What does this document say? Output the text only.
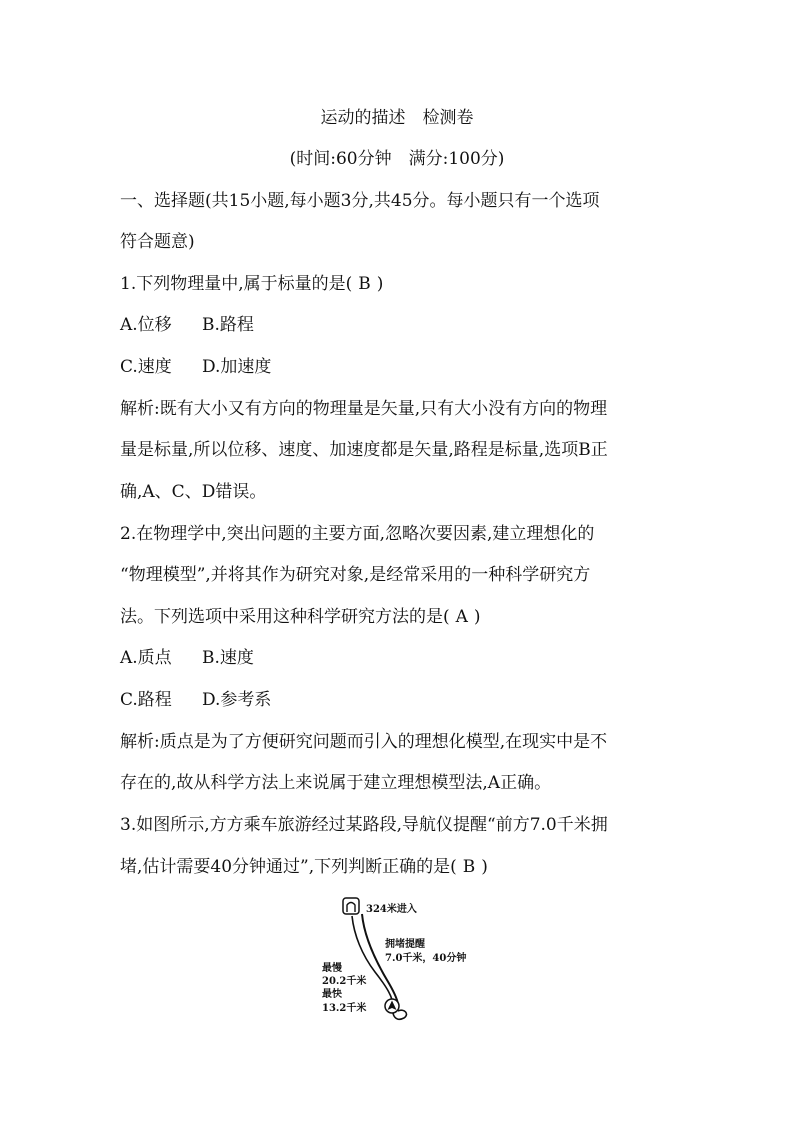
运动的描述　检测卷
(时间:60分钟　满分:100分)
一、选择题(共15小题,每小题3分,共45分。每小题只有一个选项
符合题意)
1.下列物理量中,属于标量的是( B )
A.位移 B.路程
C.速度 D.加速度
解析:既有大小又有方向的物理量是矢量,只有大小没有方向的物理
量是标量,所以位移、速度、加速度都是矢量,路程是标量,选项B正
确,A、C、D错误。
2.在物理学中,突出问题的主要方面,忽略次要因素,建立理想化的
“物理模型”,并将其作为研究对象,是经常采用的一种科学研究方
法。下列选项中采用这种科学研究方法的是( A )
A.质点 B.速度
C.路程 D.参考系
解析:质点是为了方便研究问题而引入的理想化模型,在现实中是不
存在的,故从科学方法上来说属于建立理想模型法,A正确。
3.如图所示,方方乘车旅游经过某路段,导航仪提醒“前方7.0千米拥
堵,估计需要40分钟通过”,下列判断正确的是( B )
324米进入
拥堵提醒
7.0千米，40分钟
最慢
20.2千米
最快
13.2千米
